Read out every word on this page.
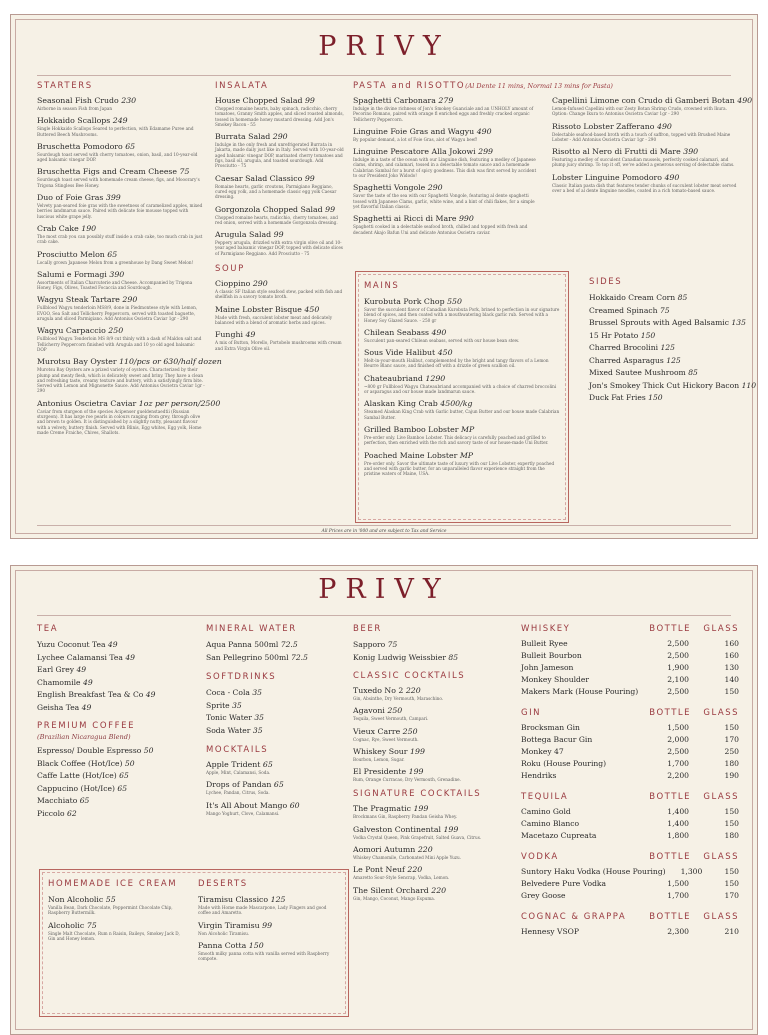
PRIVY
STARTERS
Seasonal Fish Crudo 230
Airborne in season Fish from Japan
Hokkaido Scallops 249
Single Hokkaido Scallops Seared to perfection, with Edamame Puree and Buttered Beech Mushrooms.
Bruschetta Pomodoro 65
Sourdough toast served with cherry tomatoes, onion, basil, and 10-year-old aged balsamic vinegar DOP.
Bruschetta Figs and Cream Cheese 75
Sourdough toast served with homemade cream cheese, figs, and Mooorary's Trigona Stingless Bee Honey.
Duo of Foie Gras 399
Velvety pan-seared foie gras with the sweetness of caramelized apples, mixed berries landmarun sauce. Paired with delicate foie mousse topped with luscious white grape jelly.
Crab Cake 190
The most crab you can possibly stuff inside a crab cake, too much crab in just crab cake.
Prosciutto Melon 65
Locally grown Japanese Melon from a greenhouse by Dang Sweet Melon!
Salumi e Formagi 390
Assortments of Italian Charcuterie and Cheese. Accompanied by Trigona Honey, Figs, Olives, Toasted Focaccia and Sourdough.
Wagyu Steak Tartare 290
Fullblood Wagyu tenderloin MS8/9, done in Piedmontese style with Lemon, EVOO, Sea Salt and Tellicherry Peppercorn, served with toasted baguette, arugula and sliced Parmigiano. Add Antonius Oscietra Caviar 1gr - 290
Wagyu Carpaccio 250
Fullblood Wagyu Tenderloin MS 8/9 cut thinly with a dash of Maldon salt and Tellicherry Peppercorn finished with Arugula and 10 yo old aged balsamic DOP
Murotsu Bay Oyster 110/pcs or 630/half dozen
Murotsu Bay Oysters are a prized variety of oysters. Characterized by their plump and meaty flesh, which is delicately sweet and briny. They have a clean and refreshing taste, creamy texture and buttery, with a satisfyingly firm bite. Served with Lemon and Mignonette Sauce. Add Antonius Oscietra Caviar 1gr - 290
Antonius Oscietra Caviar 1oz per person/2500
Caviar from sturgeon of the species Acipenser gueldenstaedtii (Russian sturgeon). It has large roe pearls in colours ranging from grey, through olive and brown to golden. It is distinguished by a slightly nutty, pleasant flavour with a velvety, buttery finish. Served with Blinis, Egg whites, Egg yolk, Home made Creme Fraiche, Chives, Shallots.
INSALATA
House Chopped Salad 99
Chopped romaine hearts, baby spinach, radicchio, cherry tomatoes, Granny Smith apples, and sliced roasted almonds, tossed in homemade honey mustard dressing. Add Jon's Smokey Bacon - 55
Burrata Salad 290
Indulge in the only fresh and unrefrigerated Burrata in Jakarta, made daily just like in Italy. Served with 10-year-old aged balsamic vinegar DOP, marinated cherry tomatoes and figs, basil oil, arugula, and toasted sourdough. Add Prosciutto - 75
Caesar Salad Classico 99
Romaine hearts, garlic croutons, Parmigiano Reggiano, cured egg yolk, and a homemade classic egg yolk Caesar dressing.
Gorgonzola Chopped Salad 99
Chopped romaine hearts, radicchio, cherry tomatoes, and red onion, served with a homemade Gorgonzola dressing.
Arugula Salad 99
Peppery arugula, drizzled with extra virgin olive oil and 10-year aged balsamic vinegar DOP, topped with delicate slices of Parmigiano Reggiano. Add Prosciutto - 75
SOUP
Cioppino 290
A classic SF Italian style seafood stew, packed with fish and shellfish in a savory tomato broth.
Maine Lobster Bisque 450
Made with fresh, succulent lobster meat and delicately balanced with a blend of aromatic herbs and spices.
Funghi 49
A mix of Button, Morello, Portobelo mushrooms with cream and Extra Virgin Olive oil.
PASTA and RISOTTO(Al Dente 11 mins, Normal 13 mins for Pasta)
Spaghetti Carbonara 279
Indulge in the divine richness of Jon's Smokey Guanciale and an UNHOLY amount of Pecorino Romano, paired with orange fl enriched eggs and freshly cracked organic Tellicherry Peppercorn.
Linguine Foie Gras and Wagyu 490
By popular demand, a lot of Foie Gras, alot of Wagyu beef!
Linguine Pescatore Alla Jokowi 299
Indulge in a taste of the ocean with our Linguine dish, featuring a medley of Japanese clams, shrimp, and calamari, tossed in a delectable tomato sauce and a homemade Calabrian Sambal for a burst of spicy goodness. This dish was first served by accident to our President Joko Widodo!
Spaghetti Vongole 290
Savor the taste of the sea with our Spaghetti Vongole, featuring al dente spaghetti tossed with Japanese Clams, garlic, white wine, and a hint of chili flakes, for a simple yet flavorful Italian classic.
Spaghetti ai Ricci di Mare 990
Spaghetti cooked in a delectable seafood broth, chilled and topped with fresh and decadent Akajo Bafun Uni and delicate Antonius Oscietra caviar.
Capellini Limone con Crudo di Gamberi Botan 490
Lemon-Infused Capellini with our Zesty Botan Shrimp Crudo, crowned with Ikura. Option: Change Ikura to Antonius Oscietra Caviar 1gr - 290
Rissoto Lobster Zafferano 490
Delectable seafood-based broth with a touch of saffron, topped with Brushed Maine Lobster - Add Antonius Oscietra Caviar 1gr - 290
Risotto al Nero di Frutti di Mare 390
Featuring a medley of succulent Canadian mussels, perfectly cooked calamari, and plump juicy shrimp. To top it off, we've added a generous serving of delectable clams.
Lobster Linguine Pomodoro 490
Classic Italian pasta dish that features tender chunks of succulent lobster meat served over a bed of al dente linguine noodles, coated in a rich tomato-based sauce.
MAINS
Kurobuta Pork Chop 550
Savor the succulent flavor of Canadian Kurobuta Pork, brined to perfection in our signature blend of spices, and then coated with a mouthwatering black garlic rub. Served with a Honey Soy Glazed Sauce. - 250 gr
Chilean Seabass 490
Succulent pan-seared Chilean seabass, served with our house bean stew.
Sous Vide Halibut 450
Melt-in-your-mouth Halibut, complemented by the bright and tangy flavors of a Lemon Beurre Blanc sauce, and finished off with a drizzle of green scallion oil.
Chateaubriand 1290
~800 gr Fullblood Wagyu Chateaubriand accompanied with a choice of charred broccolini or asparagus and our house made landmarun sauce.
Alaskan King Crab 4500/kg
Steamed Alaskan King Crab with Garlic butter, Cajun Butter and our house made Calabrian Sambal Butter.
Grilled Bamboo Lobster MP
Pre-order only. Live Bamboo Lobster. This delicacy is carefully poached and grilled to perfection, then enriched with the rich and savory taste of our house-made Uni Butter.
Poached Maine Lobster MP
Pre-order only. Savor the ultimate taste of luxury with our Live Lobster, expertly poached and served with garlic butter, for an unparalleled flavor experience straight from the pristine waters of Maine, USA.
SIDES
Hokkaido Cream Corn 85
Creamed Spinach 75
Brussel Sprouts with Aged Balsamic 135
15 Hr Potato 150
Charred Brocolini 125
Charred Asparagus 125
Mixed Sautee Mushroom 85
Jon's Smokey Thick Cut Hickory Bacon 110
Duck Fat Fries 150
All Prices are in '000 and are subject to Tax and Service
PRIVY
TEA
Yuzu Coconut Tea 49
Lychee Calamansi Tea 49
Earl Grey 49
Chamomile 49
English Breakfast Tea & Co 49
Geisha Tea 49
PREMIUM COFFEE
(Brazilian Nicaragua Blend)
Espresso/ Double Espresso 50
Black Coffee (Hot/Ice) 50
Caffe Latte (Hot/Ice) 65
Cappucino (Hot/Ice) 65
Macchiato 65
Piccolo 62
MINERAL WATER
Aqua Panna 500ml 72.5
San Pellegrino 500ml 72.5
SOFTDRINKS
Coca - Cola 35
Sprite 35
Tonic Water 35
Soda Water 35
MOCKTAILS
Apple Trident 65
Apple, Mint, Calamansi, Soda.
Drops of Pandan 65
Lychee, Pandan, Citrus, Soda.
It's All About Mango 60
Mango Yoghurt, Clove, Calamansi.
HOMEMADE ICE CREAM
Non Alcoholic 55
Vanilla Bean, Dark Chocolate, Peppermint Chocolate Chip, Raspberry Buttermilk.
Alcoholic 75
Single Malt Chocolate, Rum n Raisin, Baileys, Smokey Jack D, Gin and Honey lemon.
DESERTS
Tiramisu Classico 125
Made with Home made Mascarpone, Lady Fingers and good coffee and Amaretto.
Virgin Tiramisu 99
Non Alcoholic Tiramisu.
Panna Cotta 150
Smooth milky panna cotta with vanilla served with Raspberry compote.
BEER
Sapporo 75
Konig Ludwig Weissbier 85
CLASSIC COCKTAILS
Tuxedo No 2 220
Gin, Absinthe, Dry Vermouth, Maraschino.
Agavoni 250
Tequila, Sweet Vermouth, Campari.
Vieux Carre 250
Cognac, Rye, Sweet Vermouth.
Whiskey Sour 199
Bourbon, Lemon, Sugar.
El Presidente 199
Rum, Orange Curracao, Dry Vermouth, Grenadine.
SIGNATURE COCKTAILS
The Pragmatic 199
Brockmans Gin, Raspberry Pandan Geisha Whey.
Galveston Continental 199
Vodka Crystal Queen, Pink Grapefruit, Salted Guava, Citrus.
Aomori Autumn 220
Whiskey Chamomile, Carbonated Mini Apple Yuzu.
Le Pont Neuf 220
Amaretto Sour-Style Sencrap, Vodka, Lemon.
The Silent Orchard 220
Gin, Mango, Coconut, Mango Espuma.
WHISKEY	BOTTLE	GLASS
Bulleit Ryee	2,500	160
Bulleit Bourbon	2,500	160
John Jameson	1,900	130
Monkey Shoulder	2,100	140
Makers Mark (House Pouring)	2,500	150
GIN	BOTTLE	GLASS
Brocksman Gin	1,500	150
Bottega Bacur Gin	2,000	170
Monkey 47	2,500	250
Roku (House Pouring)	1,700	180
Hendriks	2,200	190
TEQUILA	BOTTLE	GLASS
Camino Gold	1,400	150
Camino Blanco	1,400	150
Macetazo Cupreata	1,800	180
VODKA	BOTTLE	GLASS
Suntory Haku Vodka (House Pouring)	1,300	150
Belvedere Pure Vodka	1,500	150
Grey Goose	1,700	170
COGNAC & GRAPPA	BOTTLE	GLASS
Hennesy VSOP	2,300	210
